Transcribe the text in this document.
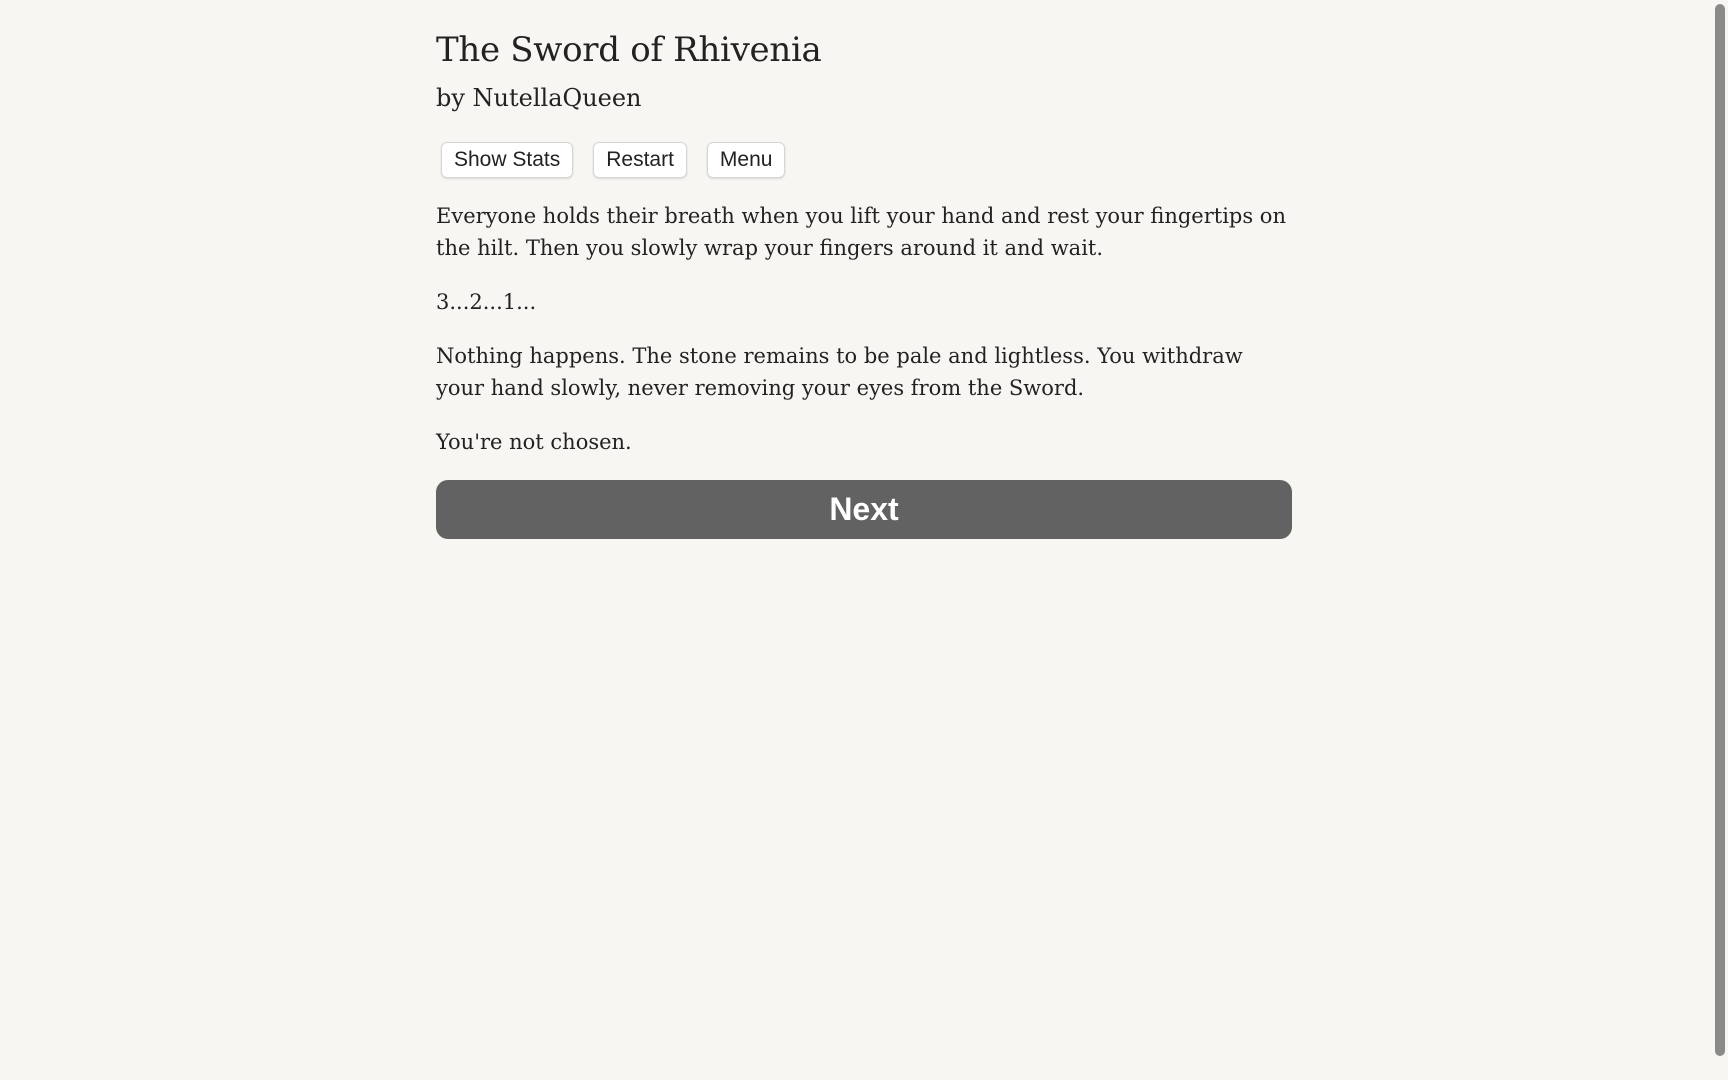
The Sword of Rhivenia
by NutellaQueen
Show Stats	Restart	Menu

Everyone holds their breath when you lift your hand and rest your fingertips on the hilt. Then you slowly wrap your fingers around it and wait.

3...2...1...

Nothing happens. The stone remains to be pale and lightless. You withdraw your hand slowly, never removing your eyes from the Sword.

You're not chosen.

Next
